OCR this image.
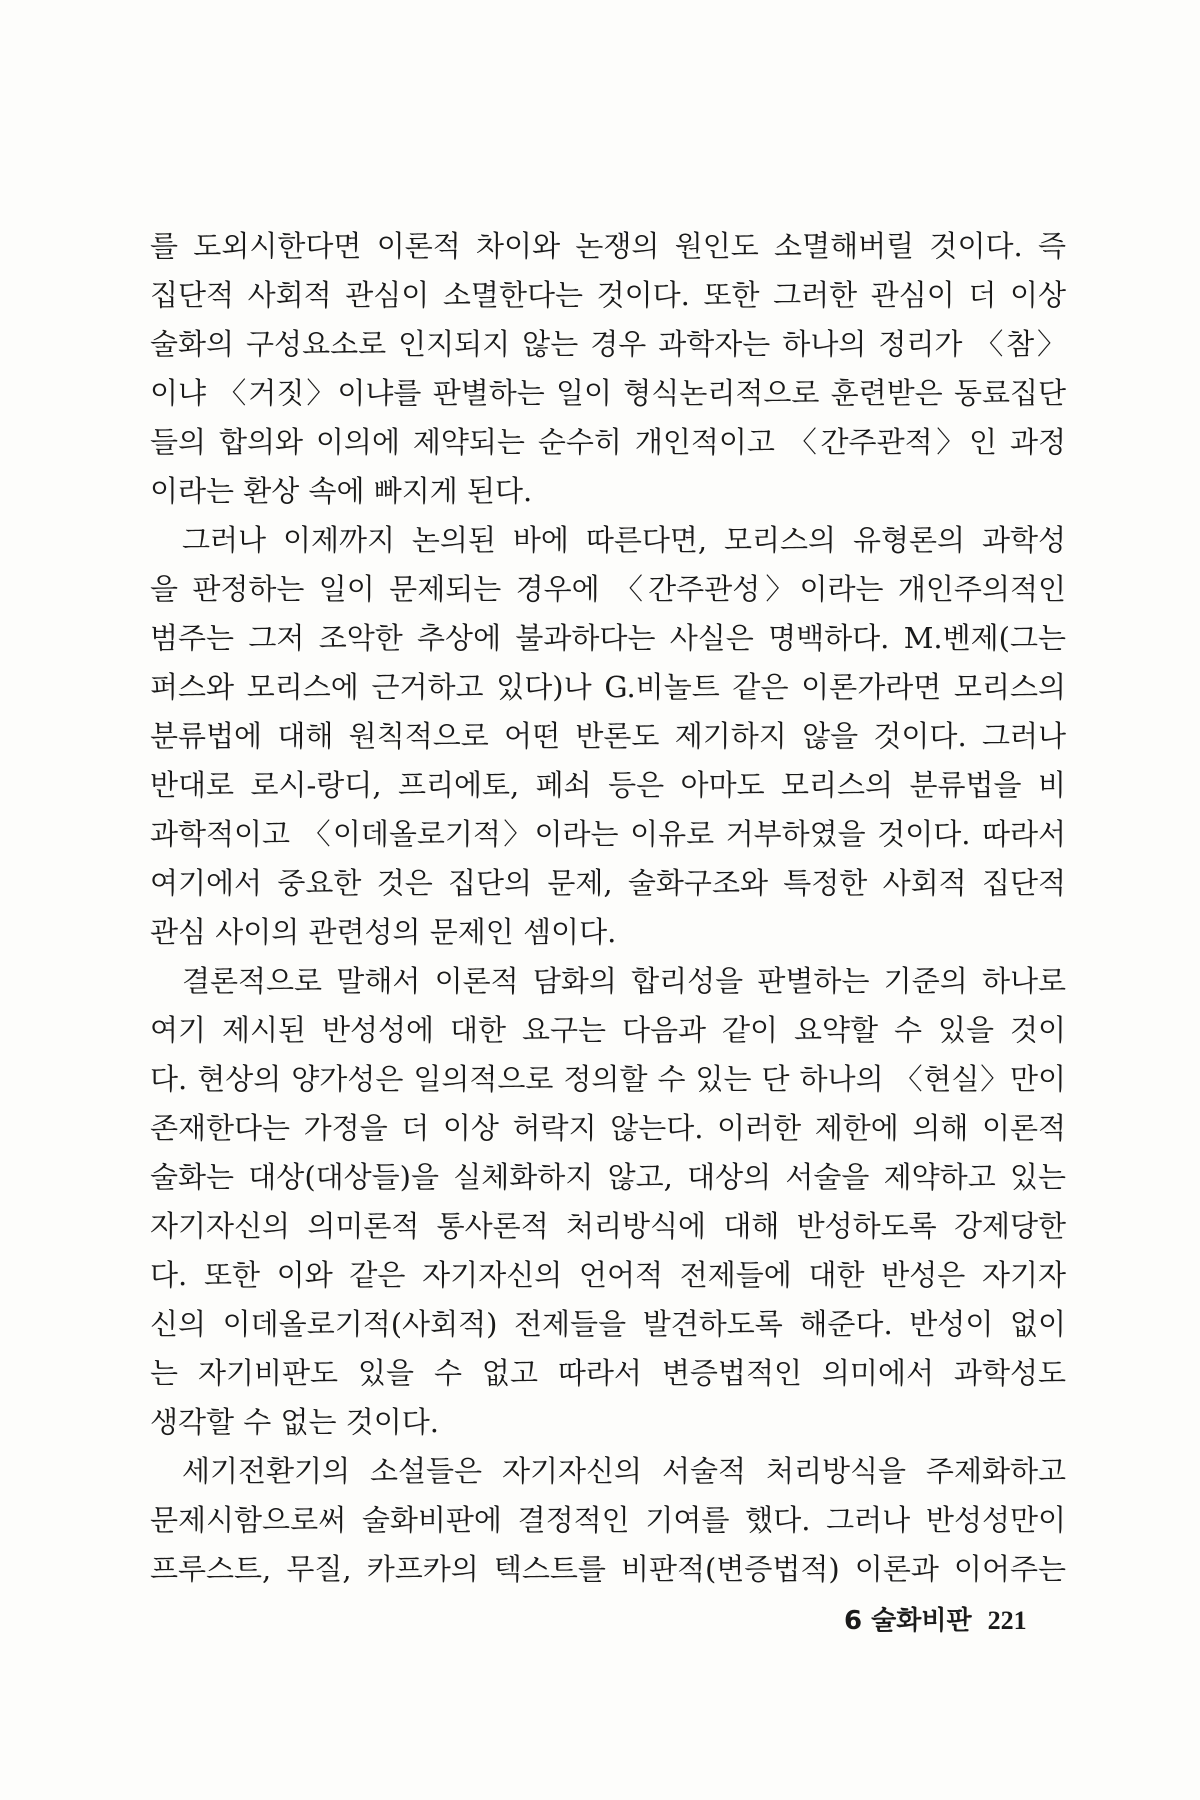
를 도외시한다면 이론적 차이와 논쟁의 원인도 소멸해버릴 것이다. 즉
집단적 사회적 관심이 소멸한다는 것이다. 또한 그러한 관심이 더 이상
술화의 구성요소로 인지되지 않는 경우 과학자는 하나의 정리가 〈참〉
이냐 〈거짓〉이냐를 판별하는 일이 형식논리적으로 훈련받은 동료집단
들의 합의와 이의에 제약되는 순수히 개인적이고 〈간주관적〉인 과정
이라는 환상 속에 빠지게 된다.
그러나 이제까지 논의된 바에 따른다면, 모리스의 유형론의 과학성
을 판정하는 일이 문제되는 경우에 〈간주관성〉이라는 개인주의적인
범주는 그저 조악한 추상에 불과하다는 사실은 명백하다. M.벤제(그는
퍼스와 모리스에 근거하고 있다)나 G.비놀트 같은 이론가라면 모리스의
분류법에 대해 원칙적으로 어떤 반론도 제기하지 않을 것이다. 그러나
반대로 로시-랑디, 프리에토, 페쇠 등은 아마도 모리스의 분류법을 비
과학적이고 〈이데올로기적〉이라는 이유로 거부하였을 것이다. 따라서
여기에서 중요한 것은 집단의 문제, 술화구조와 특정한 사회적 집단적
관심 사이의 관련성의 문제인 셈이다.
결론적으로 말해서 이론적 담화의 합리성을 판별하는 기준의 하나로
여기 제시된 반성성에 대한 요구는 다음과 같이 요약할 수 있을 것이
다. 현상의 양가성은 일의적으로 정의할 수 있는 단 하나의 〈현실〉만이
존재한다는 가정을 더 이상 허락지 않는다. 이러한 제한에 의해 이론적
술화는 대상(대상들)을 실체화하지 않고, 대상의 서술을 제약하고 있는
자기자신의 의미론적 통사론적 처리방식에 대해 반성하도록 강제당한
다. 또한 이와 같은 자기자신의 언어적 전제들에 대한 반성은 자기자
신의 이데올로기적(사회적) 전제들을 발견하도록 해준다. 반성이 없이
는 자기비판도 있을 수 없고 따라서 변증법적인 의미에서 과학성도
생각할 수 없는 것이다.
세기전환기의 소설들은 자기자신의 서술적 처리방식을 주제화하고
문제시함으로써 술화비판에 결정적인 기여를 했다. 그러나 반성성만이
프루스트, 무질, 카프카의 텍스트를 비판적(변증법적) 이론과 이어주는
6 술화비판 221
